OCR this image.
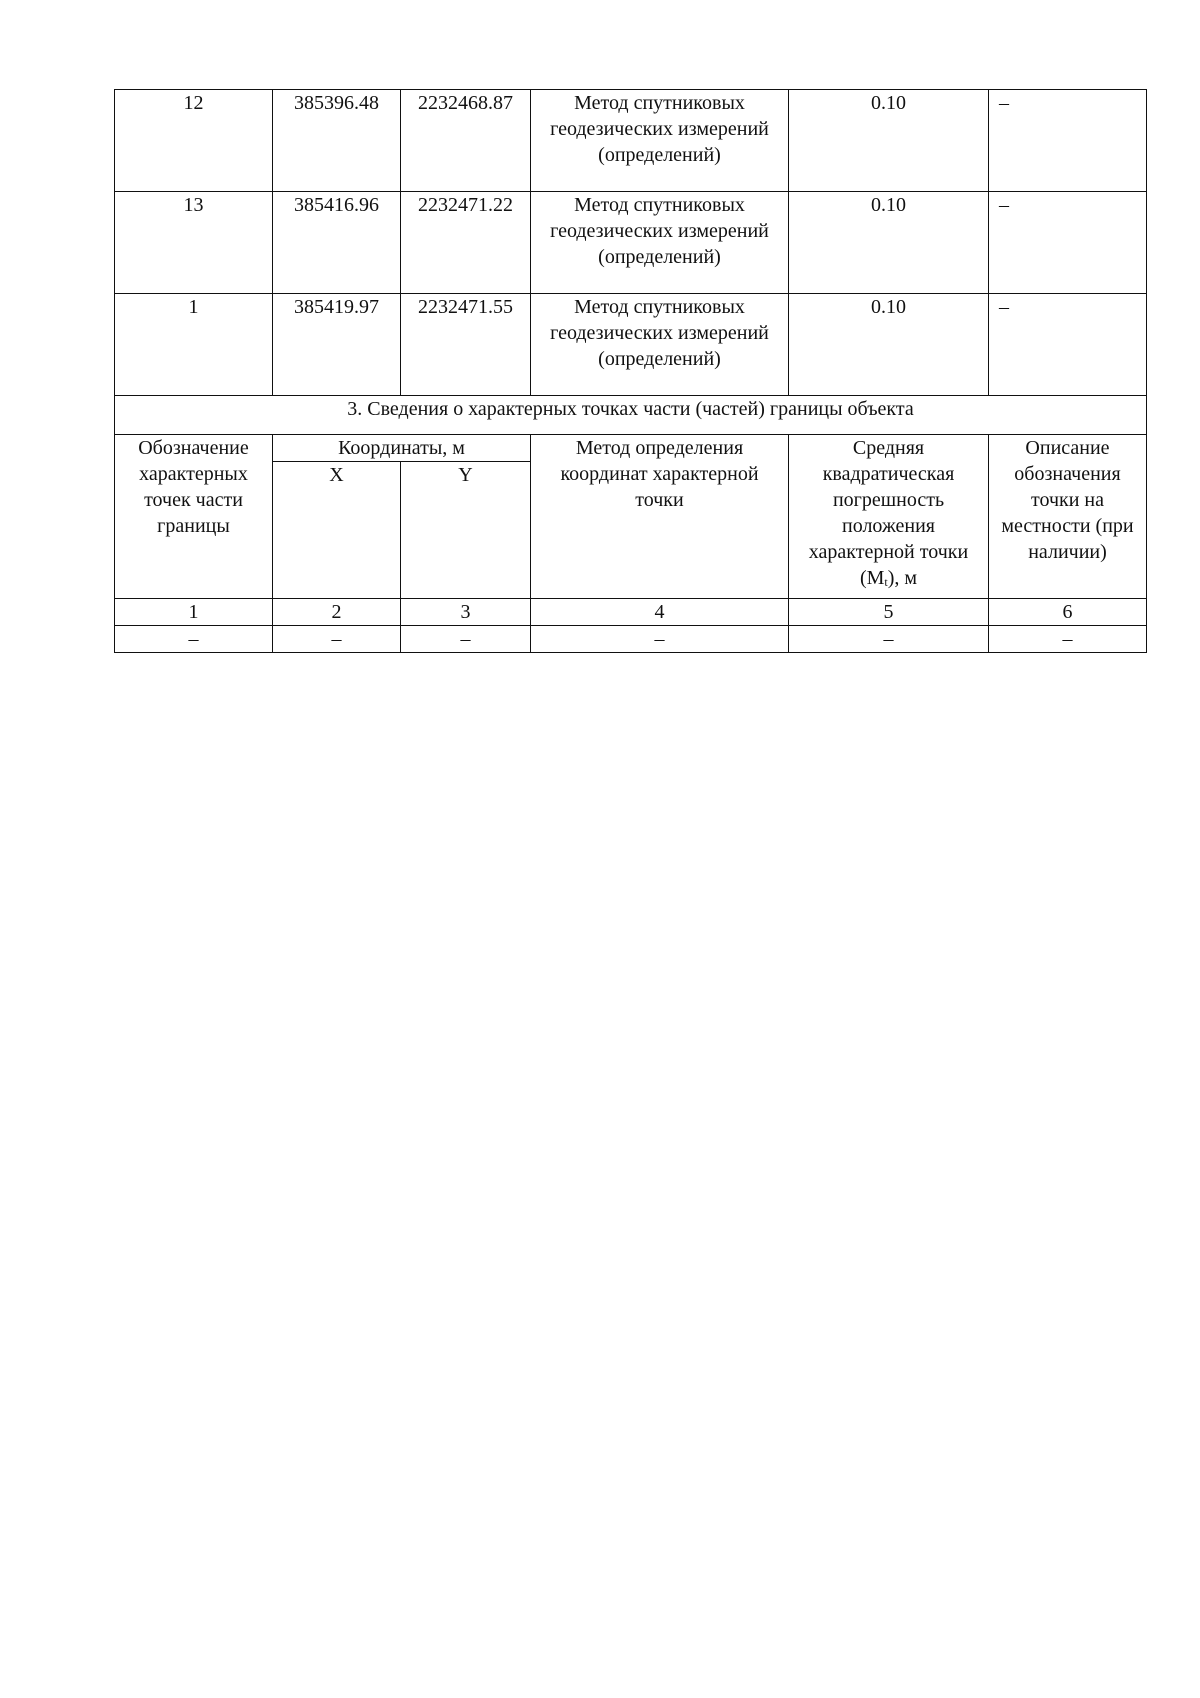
12	385396.48	2232468.87	Метод спутниковых геодезических измерений (определений)	0.10	–
13	385416.96	2232471.22	Метод спутниковых геодезических измерений (определений)	0.10	–
1	385419.97	2232471.55	Метод спутниковых геодезических измерений (определений)	0.10	–
3. Сведения о характерных точках части (частей) границы объекта					
Обозначение характерных точек части границы	Координаты, м		Метод определения координат характерной точки	Средняя квадратическая погрешность положения характерной точки (Mt), м	Описание обозначения точки на местности (при наличии)
	X	Y			
1	2	3	4	5	6
–	–	–	–	–	–
